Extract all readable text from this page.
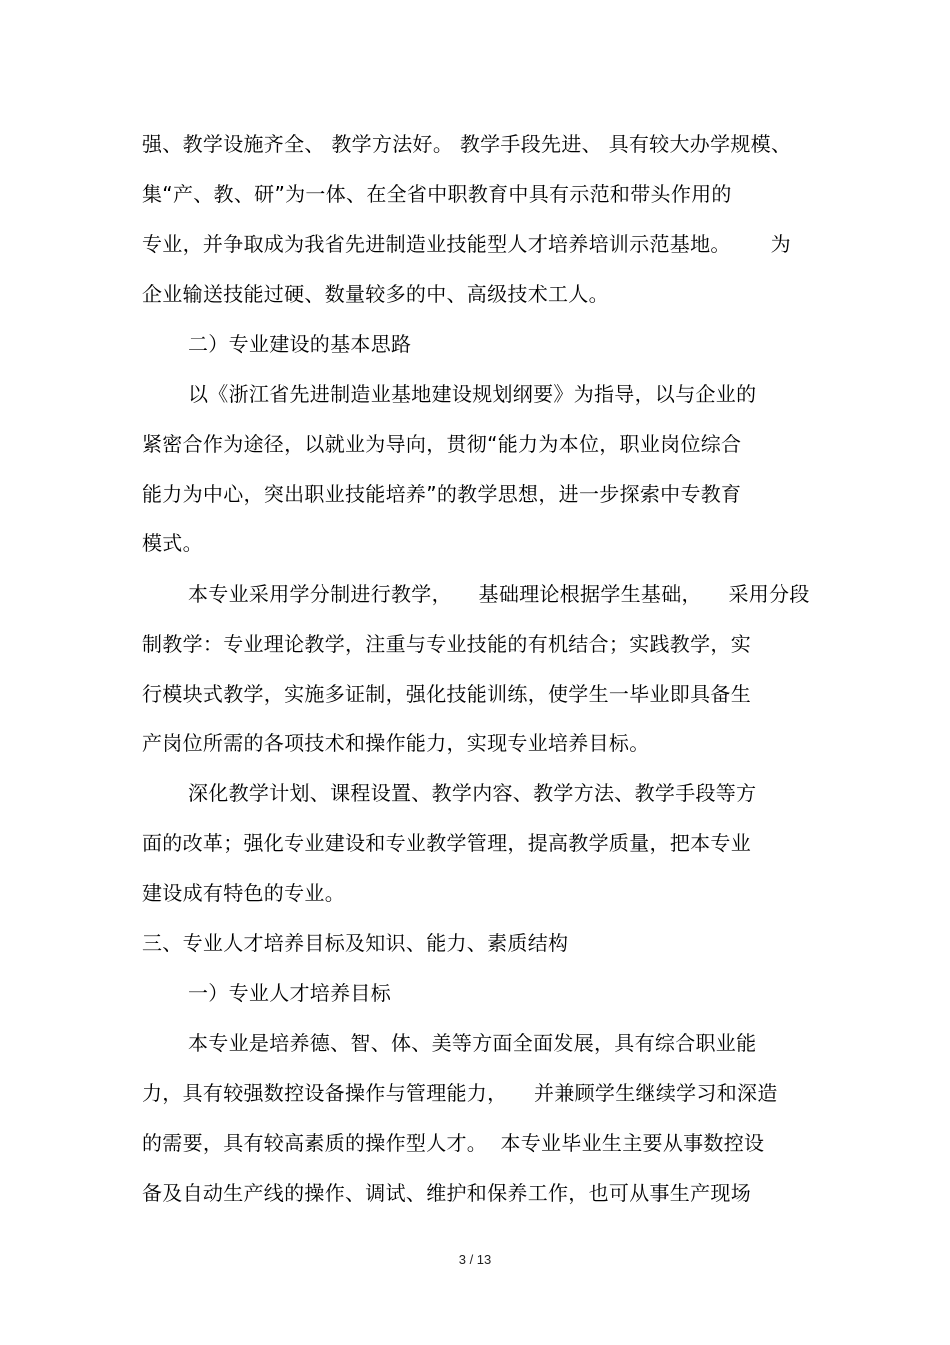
强、教学设施齐全、 教学方法好。 教学手段先进、 具有较大办学规模、
集“产、教、研”为一体、在全省中职教育中具有示范和带头作用的
专业，并争取成为我省先进制造业技能型人才培养培训示范基地。      为
企业输送技能过硬、数量较多的中、高级技术工人。
二）专业建设的基本思路
以《浙江省先进制造业基地建设规划纲要》为指导，以与企业的
紧密合作为途径，以就业为导向，贯彻“能力为本位，职业岗位综合
能力为中心，突出职业技能培养”的教学思想，进一步探索中专教育
模式。
本专业采用学分制进行教学，    基础理论根据学生基础，    采用分段
制教学：专业理论教学，注重与专业技能的有机结合；实践教学，实
行模块式教学，实施多证制，强化技能训练，使学生一毕业即具备生
产岗位所需的各项技术和操作能力，实现专业培养目标。
深化教学计划、课程设置、教学内容、教学方法、教学手段等方
面的改革；强化专业建设和专业教学管理，提高教学质量，把本专业
建设成有特色的专业。
三、专业人才培养目标及知识、能力、素质结构
一）专业人才培养目标
本专业是培养德、智、体、美等方面全面发展，具有综合职业能
力，具有较强数控设备操作与管理能力，    并兼顾学生继续学习和深造
的需要，具有较高素质的操作型人才。  本专业毕业生主要从事数控设
备及自动生产线的操作、调试、维护和保养工作，也可从事生产现场
3 / 13
